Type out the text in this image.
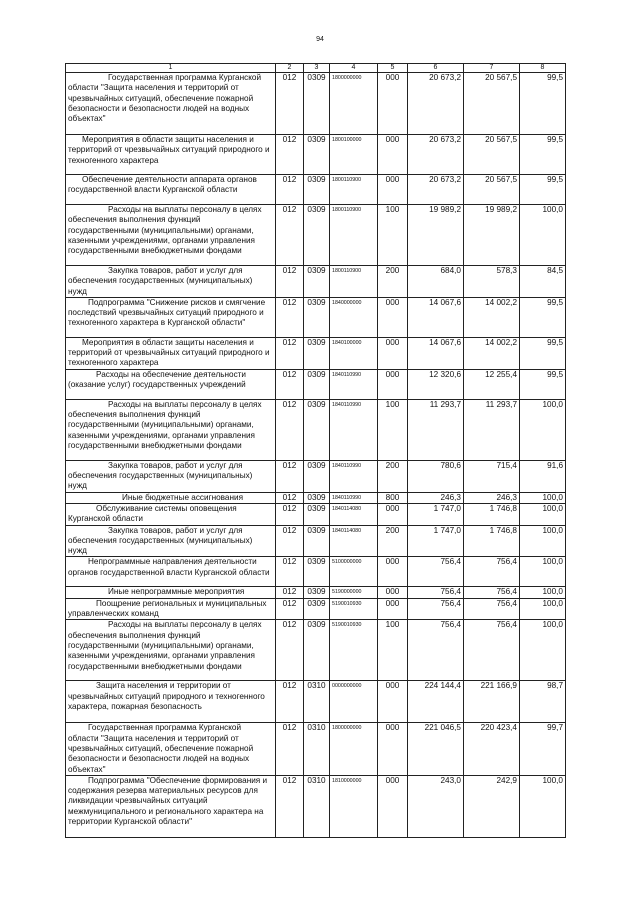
94
1	2	3	4	5	6	7	8
Государственная программа Курганской области "Защита населения и территорий от чрезвычайных ситуаций, обеспечение пожарной безопасности и безопасности людей на водных объектах"	012	0309	1800000000	000	20 673,2	20 567,5	99,5
Мероприятия в области защиты населения и территорий от чрезвычайных ситуаций природного и техногенного характера	012	0309	1800100000	000	20 673,2	20 567,5	99,5
Обеспечение деятельности аппарата органов государственной власти Курганской области	012	0309	1800110900	000	20 673,2	20 567,5	99,5
Расходы на выплаты персоналу в целях обеспечения выполнения функций государственными (муниципальными) органами, казенными учреждениями, органами управления государственными внебюджетными фондами	012	0309	1800110900	100	19 989,2	19 989,2	100,0
Закупка товаров, работ и услуг для обеспечения государственных (муниципальных) нужд	012	0309	1800110900	200	684,0	578,3	84,5
Подпрограмма "Снижение рисков и смягчение последствий чрезвычайных ситуаций природного и техногенного характера в Курганской области"	012	0309	1840000000	000	14 067,6	14 002,2	99,5
Мероприятия в области защиты населения и территорий от чрезвычайных ситуаций природного и техногенного характера	012	0309	1840100000	000	14 067,6	14 002,2	99,5
Расходы на обеспечение деятельности (оказание услуг) государственных учреждений	012	0309	1840110990	000	12 320,6	12 255,4	99,5
Расходы на выплаты персоналу в целях обеспечения выполнения функций государственными (муниципальными) органами, казенными учреждениями, органами управления государственными внебюджетными фондами	012	0309	1840110990	100	11 293,7	11 293,7	100,0
Закупка товаров, работ и услуг для обеспечения государственных (муниципальных) нужд	012	0309	1840110990	200	780,6	715,4	91,6
Иные бюджетные ассигнования	012	0309	1840110990	800	246,3	246,3	100,0
Обслуживание системы оповещения Курганской области	012	0309	1840114080	000	1 747,0	1 746,8	100,0
Закупка товаров, работ и услуг для обеспечения государственных (муниципальных) нужд	012	0309	1840114080	200	1 747,0	1 746,8	100,0
Непрограммные направления деятельности органов государственной власти Курганской области	012	0309	5100000000	000	756,4	756,4	100,0
Иные непрограммные мероприятия	012	0309	5190000000	000	756,4	756,4	100,0
Поощрение региональных и муниципальных управленческих команд	012	0309	5190010930	000	756,4	756,4	100,0
Расходы на выплаты персоналу в целях обеспечения выполнения функций государственными (муниципальными) органами, казенными учреждениями, органами управления государственными внебюджетными фондами	012	0309	5190010930	100	756,4	756,4	100,0
Защита населения и территории от чрезвычайных ситуаций природного и техногенного характера, пожарная безопасность	012	0310	0000000000	000	224 144,4	221 166,9	98,7
Государственная программа Курганской области "Защита населения и территорий от чрезвычайных ситуаций, обеспечение пожарной безопасности и безопасности людей на водных объектах"	012	0310	1800000000	000	221 046,5	220 423,4	99,7
Подпрограмма "Обеспечение формирования и содержания резерва материальных ресурсов для ликвидации чрезвычайных ситуаций межмуниципального и регионального характера на территории Курганской области"	012	0310	1810000000	000	243,0	242,9	100,0
